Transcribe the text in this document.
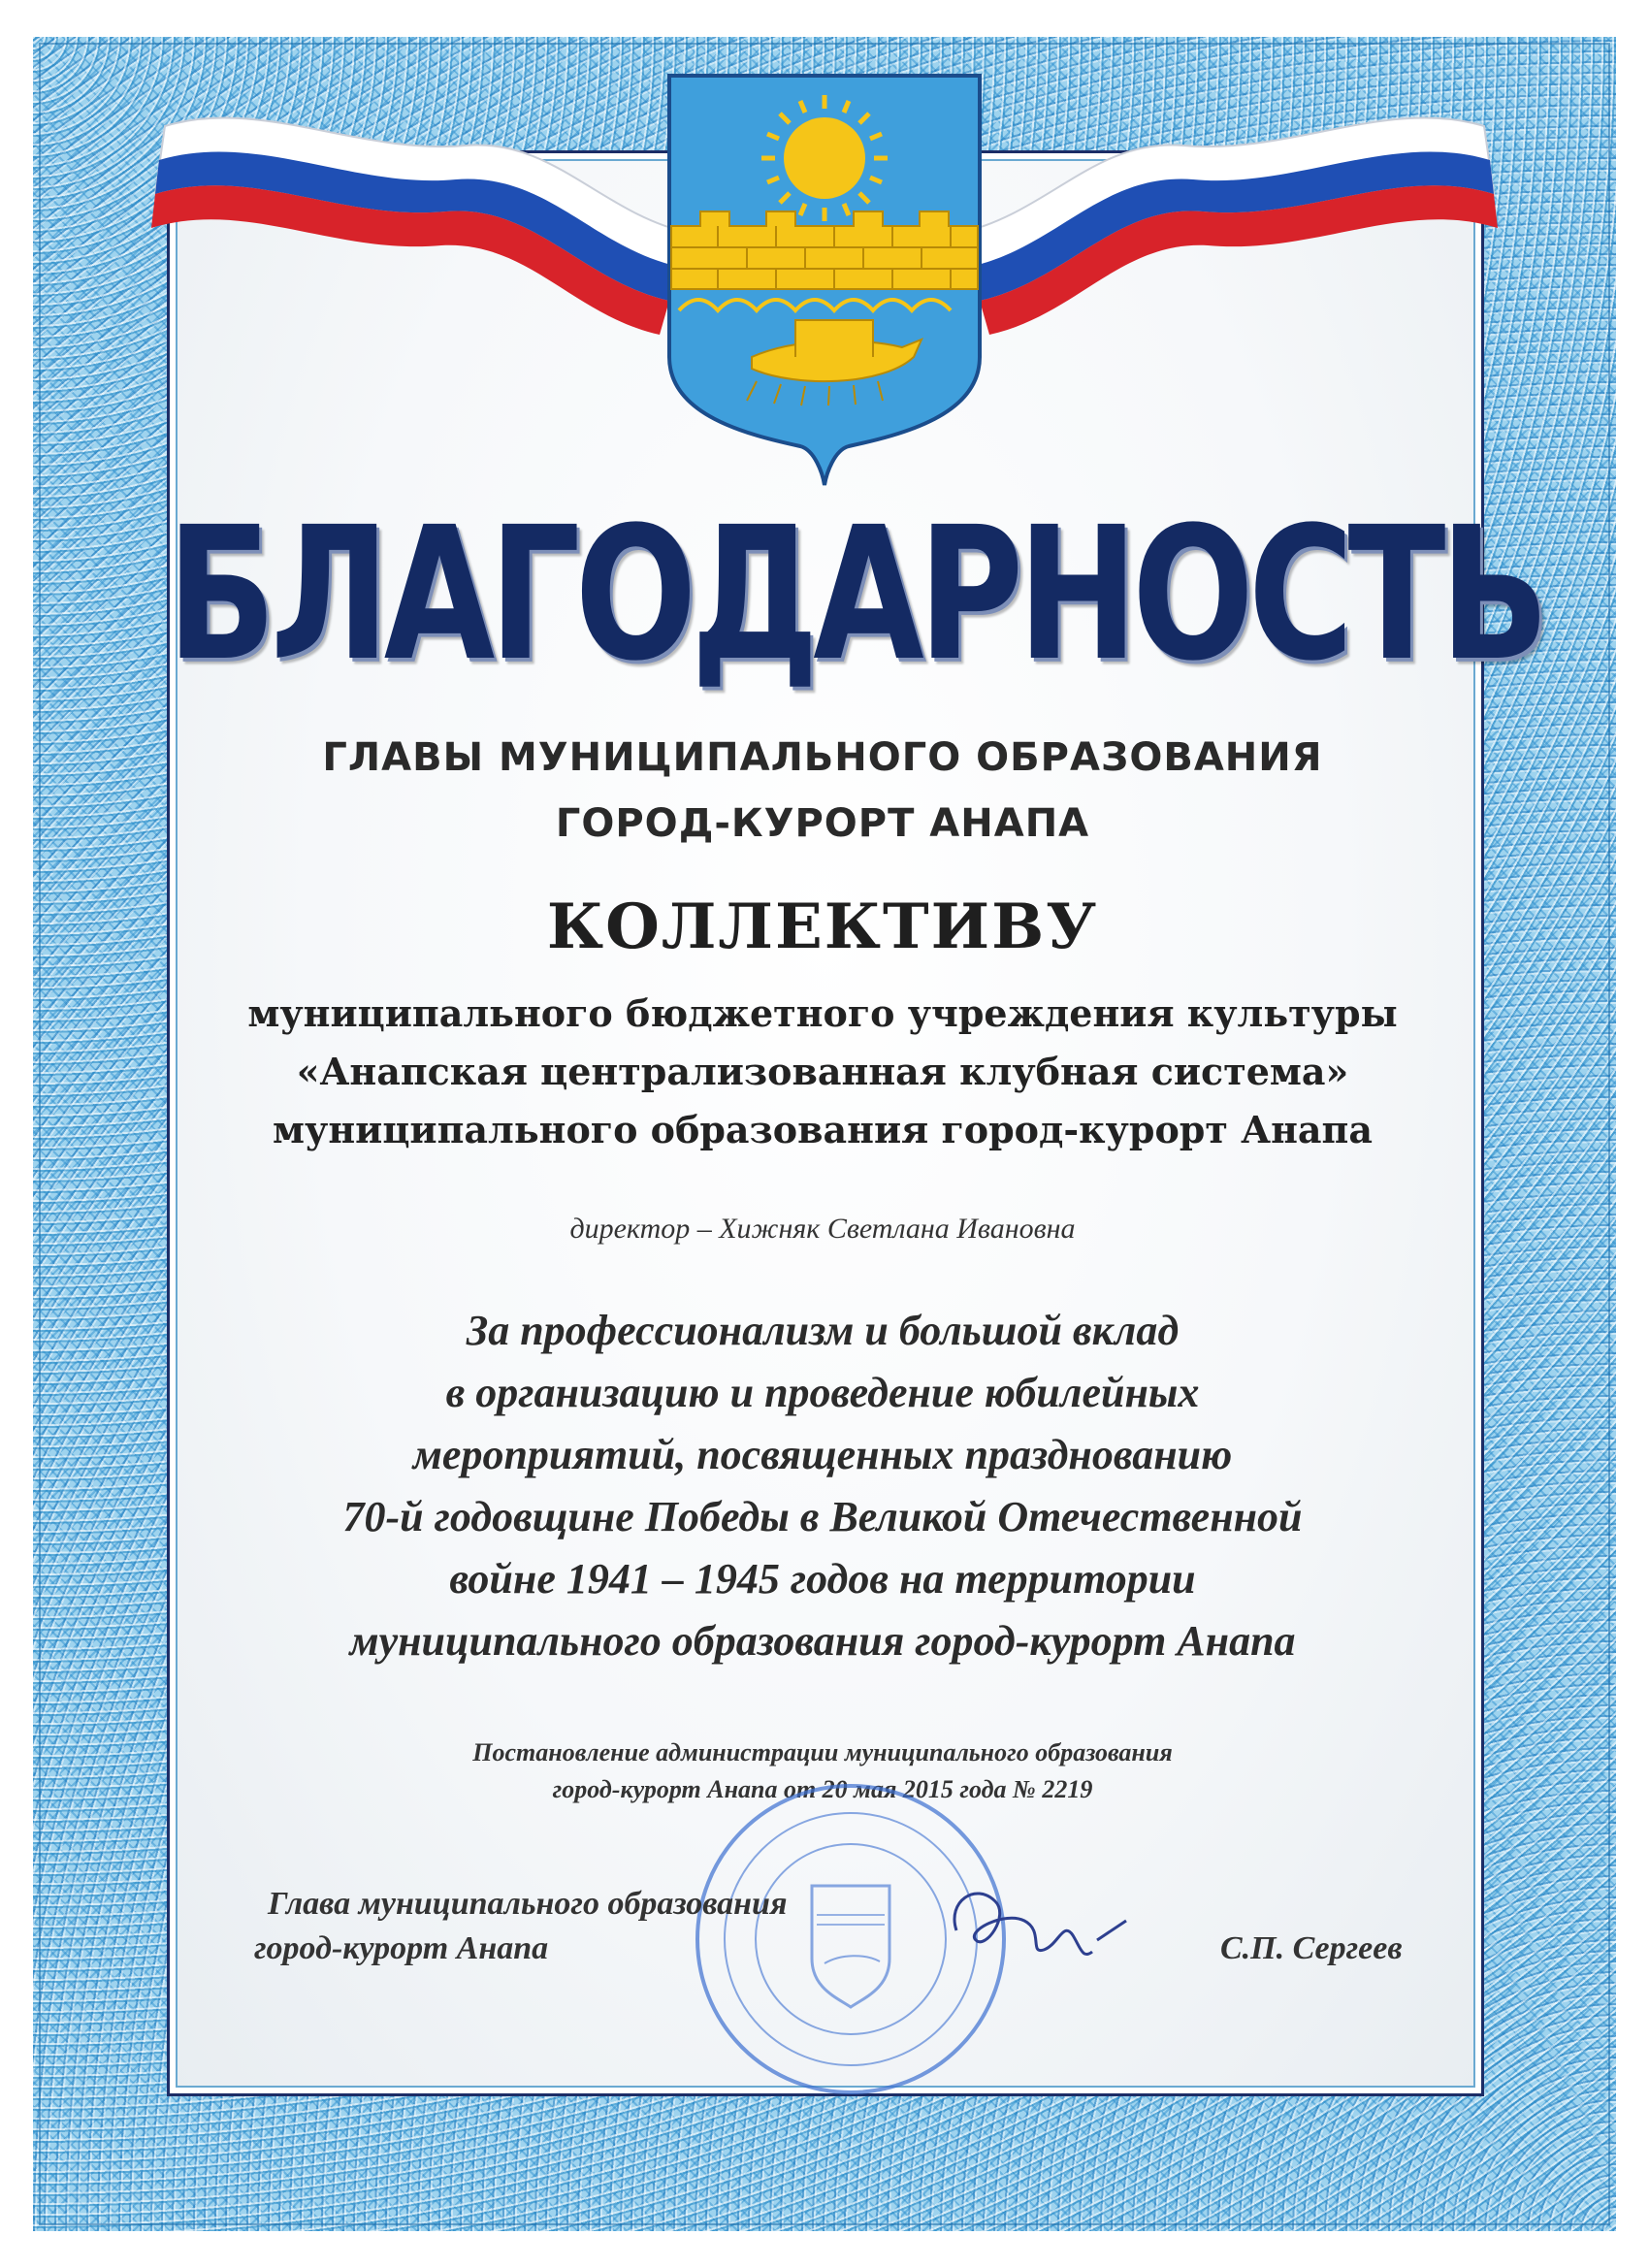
БЛАГОДАРНОСТЬ
ГЛАВЫ МУНИЦИПАЛЬНОГО ОБРАЗОВАНИЯ
ГОРОД-КУРОРТ АНАПА
КОЛЛЕКТИВУ
муниципального бюджетного учреждения культуры
«Анапская централизованная клубная система»
муниципального образования город-курорт Анапа
директор – Хижняк Светлана Ивановна
За профессионализм и большой вклад
в организацию и проведение юбилейных
мероприятий, посвященных празднованию
70-й годовщине Победы в Великой Отечественной
войне 1941 – 1945 годов на территории
муниципального образования город-курорт Анапа
Постановление администрации муниципального образования
город-курорт Анапа от 20 мая 2015 года № 2219
Глава муниципального образования
город-курорт Анапа	С.П. Сергеев
